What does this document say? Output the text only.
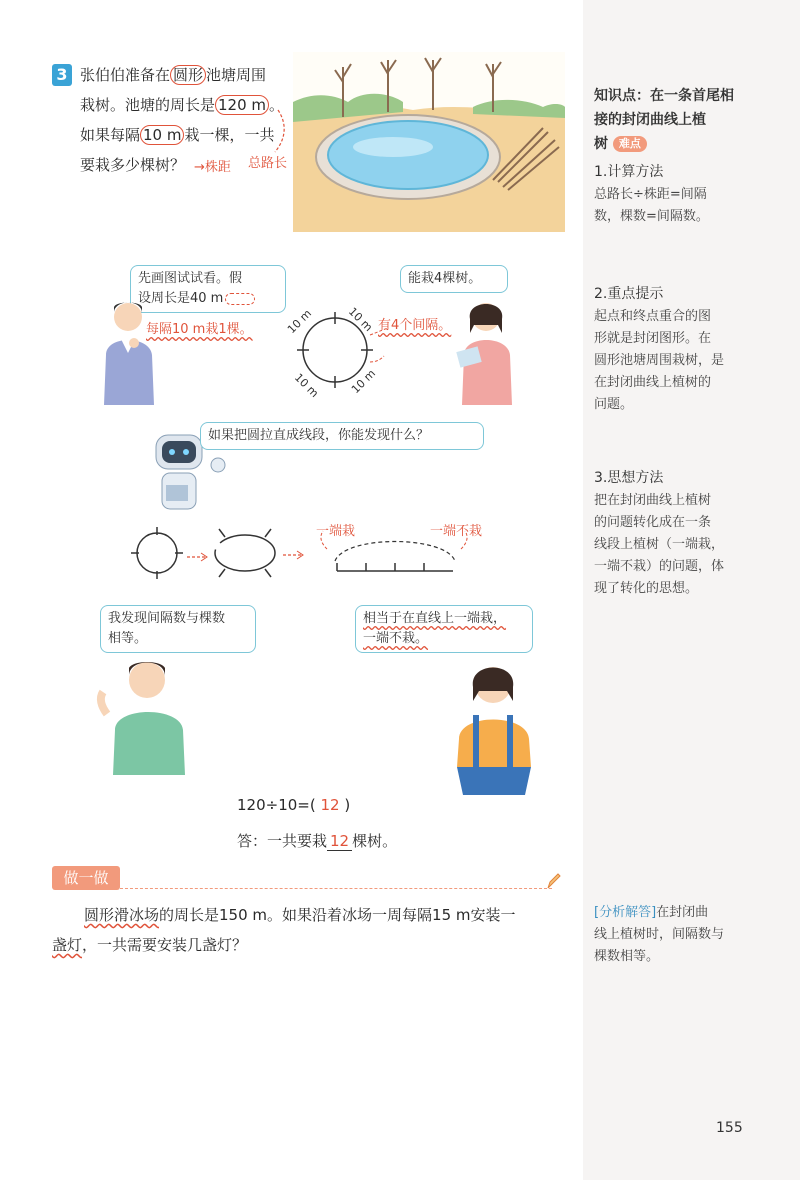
3 张伯伯准备在 圆形 池塘周围
栽树。池塘的周长是 120 m 。
如果每隔 10 m 栽一棵，一共
要栽多少棵树？ →株距 总路长
先画图试试看。假
设周长是40 m
每隔10 m栽1棵。	10 m	10 m
10 m	10 m
有4个间隔。
能栽4棵树。
如果把圆拉直成线段，你能发现什么？
一端栽	一端不栽
我发现间隔数与棵数
相等。
相当于在直线上一端栽，
一端不栽。
120÷10=( 12 )
答：一共要栽 12 棵树。
做一做
圆形滑冰场的周长是150 m。如果沿着冰场一周每隔15 m安装一
盏灯，一共需要安装几盏灯？
知识点：在一条首尾相
接的封闭曲线上植
树 难点
1.计算方法
总路长÷株距=间隔
数，棵数=间隔数。
2.重点提示
起点和终点重合的图
形就是封闭图形。在
圆形池塘周围栽树，是
在封闭曲线上植树的
问题。
3.思想方法
把在封闭曲线上植树
的问题转化成在一条
线段上植树（一端栽，
一端不栽）的问题，体
现了转化的思想。
[分析解答]在封闭曲
线上植树时，间隔数与
棵数相等。
155
